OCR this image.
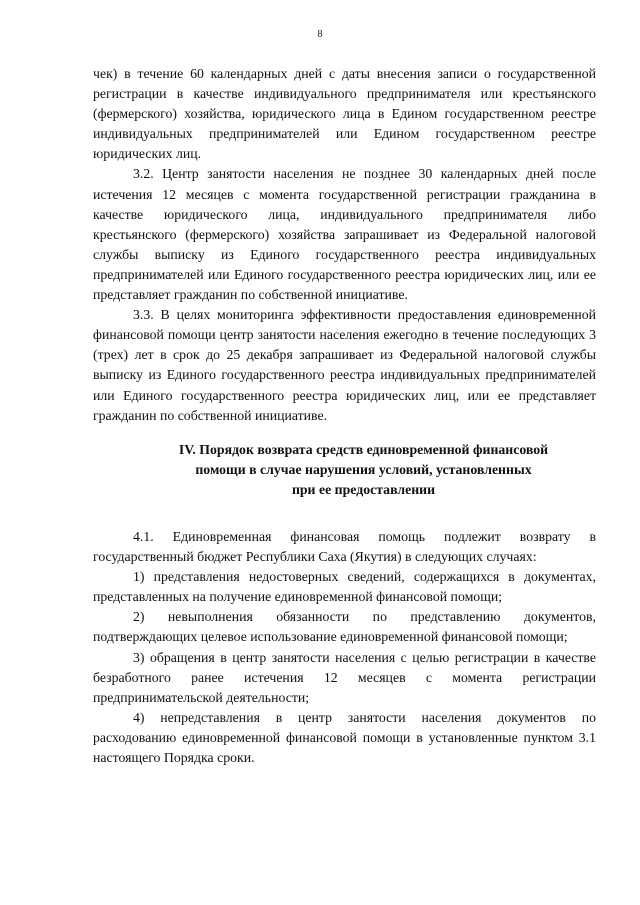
8

чек) в течение 60 календарных дней с даты внесения записи о государственной регистрации в качестве индивидуального предпринимателя или крестьянского (фермерского) хозяйства, юридического лица в Едином государственном реестре индивидуальных предпринимателей или Едином государственном реестре юридических лиц.

3.2. Центр занятости населения не позднее 30 календарных дней после истечения 12 месяцев с момента государственной регистрации гражданина в качестве юридического лица, индивидуального предпринимателя либо крестьянского (фермерского) хозяйства запрашивает из Федеральной налоговой службы выписку из Единого государственного реестра индивидуальных предпринимателей или Единого государственного реестра юридических лиц, или ее представляет гражданин по собственной инициативе.

3.3. В целях мониторинга эффективности предоставления единовременной финансовой помощи центр занятости населения ежегодно в течение последующих 3 (трех) лет в срок до 25 декабря запрашивает из Федеральной налоговой службы выписку из Единого государственного реестра индивидуальных предпринимателей или Единого государственного реестра юридических лиц, или ее представляет гражданин по собственной инициативе.

IV. Порядок возврата средств единовременной финансовой
помощи в случае нарушения условий, установленных
при ее предоставлении

4.1. Единовременная финансовая помощь подлежит возврату в государственный бюджет Республики Саха (Якутия) в следующих случаях:

1) представления недостоверных сведений, содержащихся в документах, представленных на получение единовременной финансовой помощи;

2) невыполнения обязанности по представлению документов, подтверждающих целевое использование единовременной финансовой помощи;

3) обращения в центр занятости населения с целью регистрации в качестве безработного ранее истечения 12 месяцев с момента регистрации предпринимательской деятельности;

4) непредставления в центр занятости населения документов по расходованию единовременной финансовой помощи в установленные пунктом 3.1 настоящего Порядка сроки.
